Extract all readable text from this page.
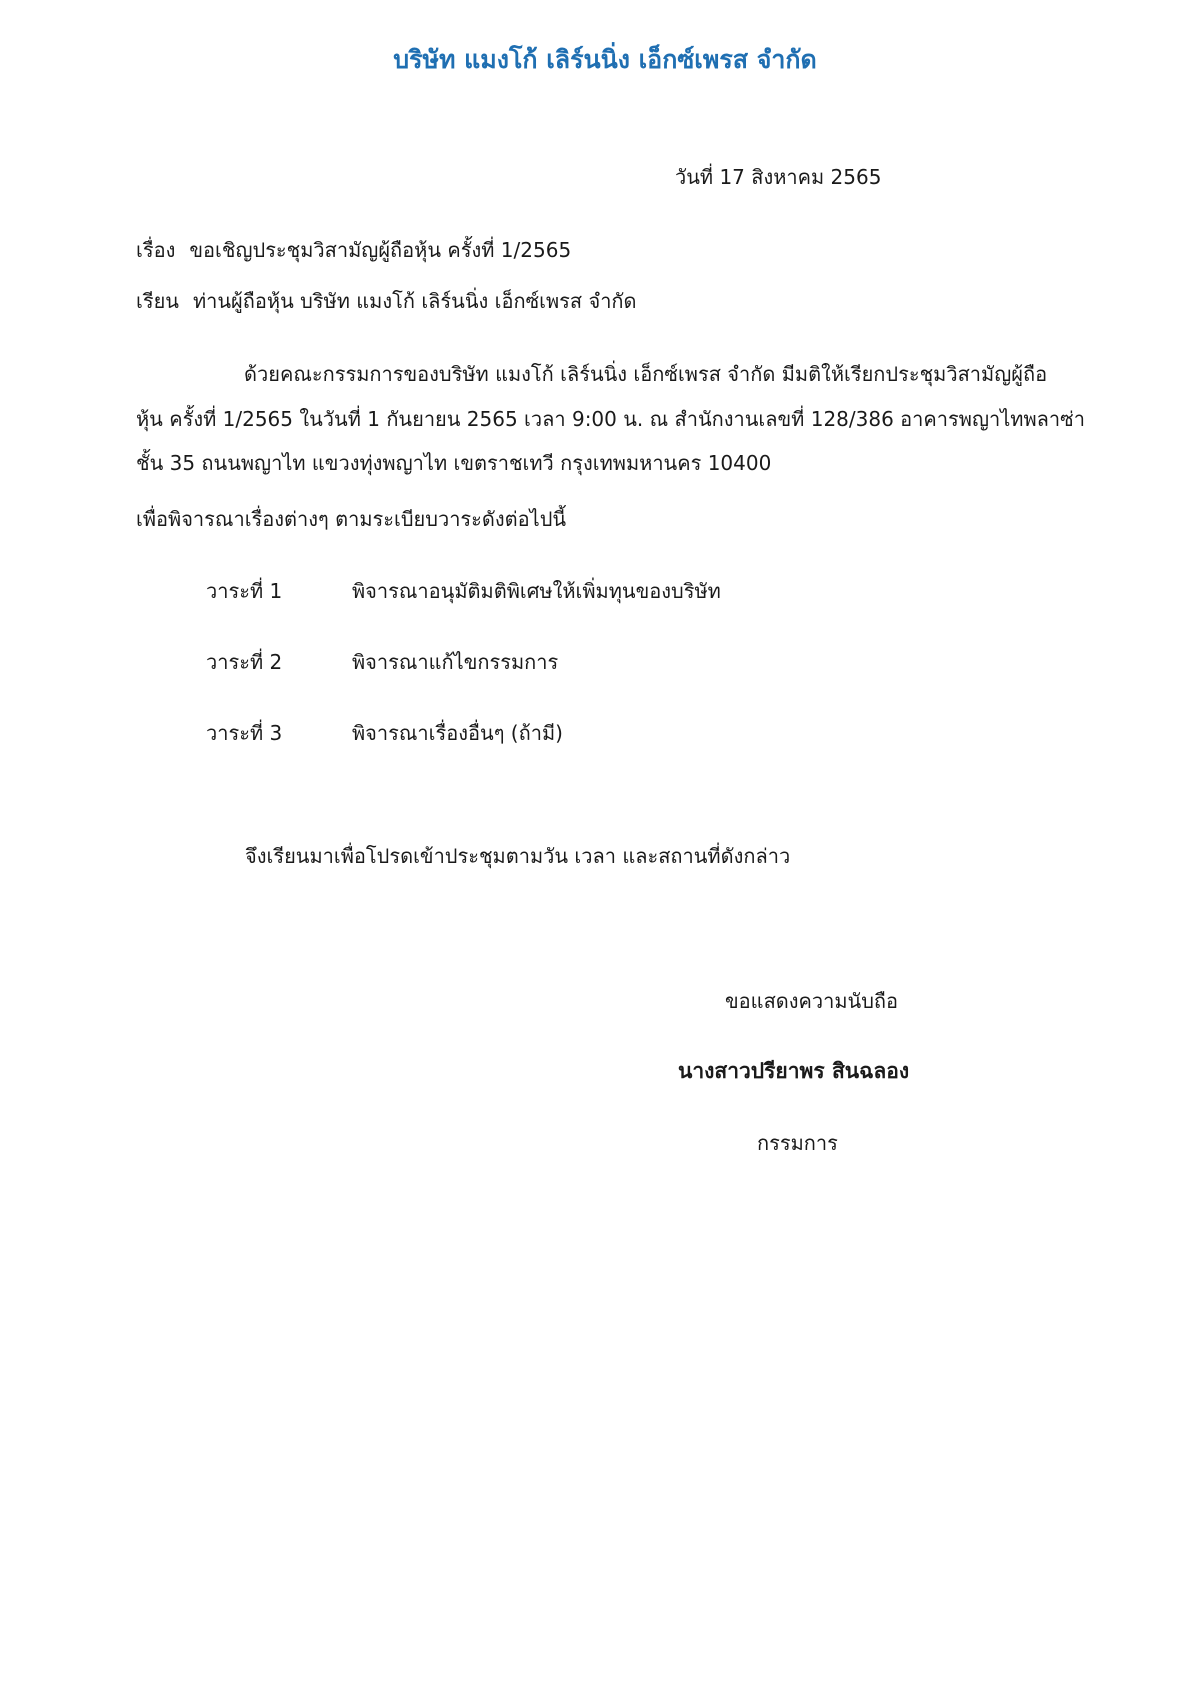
บริษัท แมงโก้ เลิร์นนิ่ง เอ็กซ์เพรส จำกัด
วันที่ 17 สิงหาคม 2565
เรื่อง ขอเชิญประชุมวิสามัญผู้ถือหุ้น ครั้งที่ 1/2565
เรียน ท่านผู้ถือหุ้น บริษัท แมงโก้ เลิร์นนิ่ง เอ็กซ์เพรส จำกัด
ด้วยคณะกรรมการของบริษัท แมงโก้ เลิร์นนิ่ง เอ็กซ์เพรส จำกัด มีมติให้เรียกประชุมวิสามัญผู้ถือ
หุ้น ครั้งที่ 1/2565 ในวันที่ 1 กันยายน 2565 เวลา 9:00 น. ณ สำนักงานเลขที่ 128/386 อาคารพญาไทพลาซ่า
ชั้น 35 ถนนพญาไท แขวงทุ่งพญาไท เขตราชเทวี กรุงเทพมหานคร 10400
เพื่อพิจารณาเรื่องต่างๆ ตามระเบียบวาระดังต่อไปนี้
วาระที่ 1	พิจารณาอนุมัติมติพิเศษให้เพิ่มทุนของบริษัท
วาระที่ 2	พิจารณาแก้ไขกรรมการ
วาระที่ 3	พิจารณาเรื่องอื่นๆ (ถ้ามี)
จึงเรียนมาเพื่อโปรดเข้าประชุมตามวัน เวลา และสถานที่ดังกล่าว
ขอแสดงความนับถือ
นางสาวปรียาพร สินฉลอง
กรรมการ
